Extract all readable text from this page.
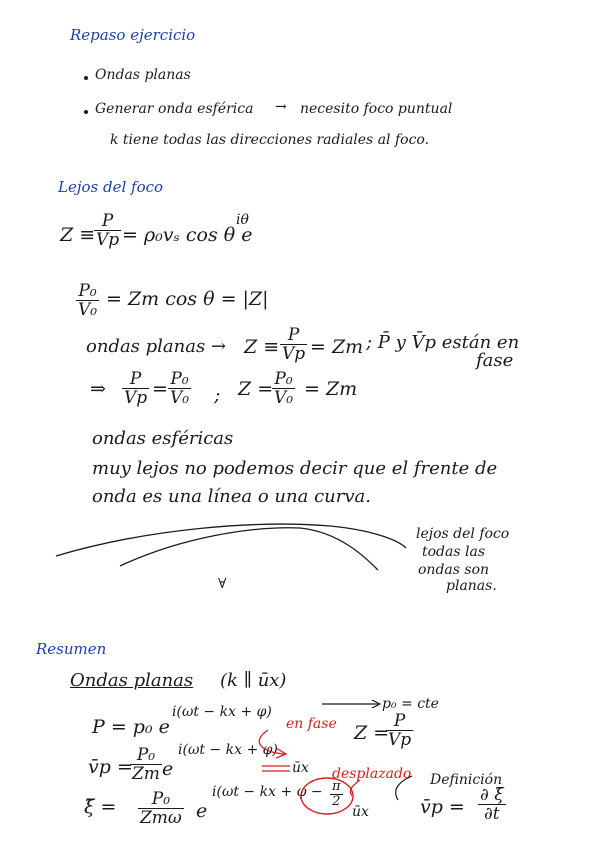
Repaso ejercicio
Ondas planas
Generar onda esférica → necesito foco puntual
k tiene todas las direcciones radiales al foco.
Lejos del foco
Z ≡
P
Vp = ρ₀vₛ cos θ e
iθ
P₀
V₀ = Zm cos θ = |Z|
ondas planas → Z ≡
P
Vp = Zm ; P̄ y V̄p están en
fase
⇒ P
Vp = P₀
V₀ ; Z = P₀
V₀ = Zm
ondas esféricas
muy lejos no podemos decir que el frente de
onda es una línea o una curva.
lejos del foco
todas las
ondas son
planas.
∀
Resumen
Ondas planas (k ∥ ūx)
p₀ = cte
P = p₀ e
i(ωt − kx + φ)
en fase Z =
P
Vp
v̄p =
P₀
Zm e
i(ωt − kx + φ)
ūx desplazado Definición
ξ̄ = P₀
Zmω e
i(ωt − kx + φ − π
2
ūx	v̄p =
∂ ξ̄
∂t
